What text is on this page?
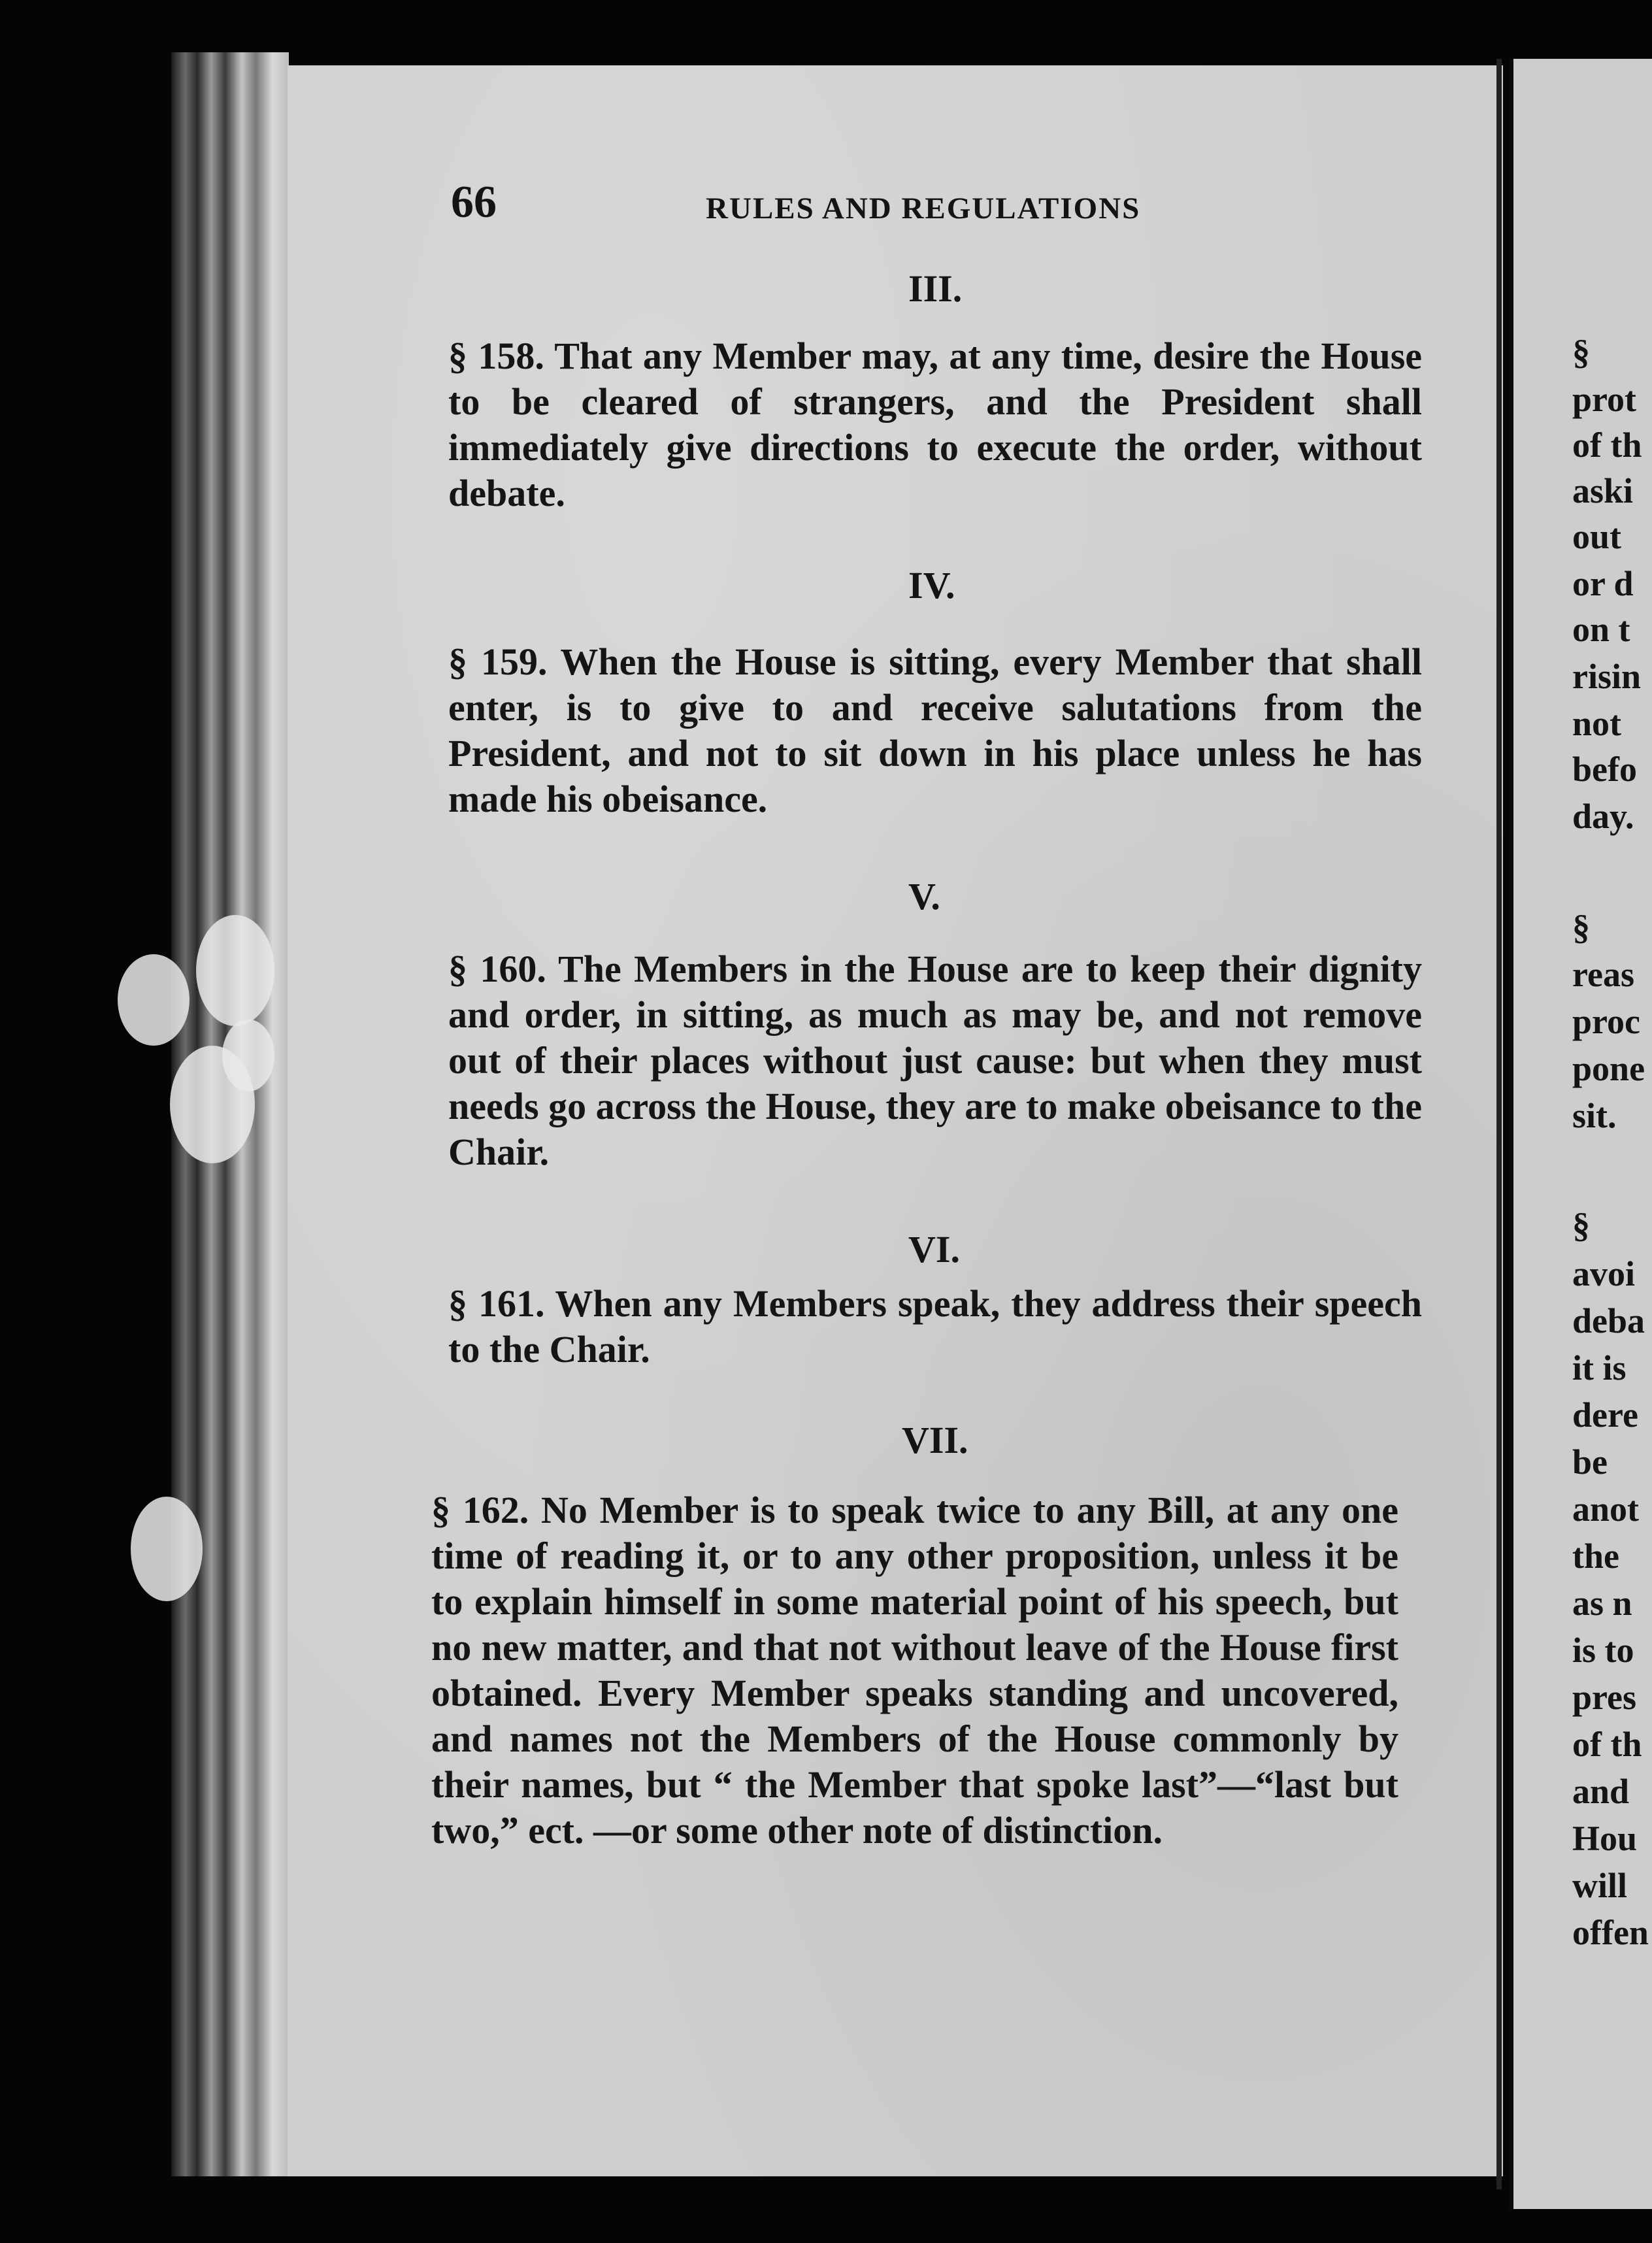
66	RULES AND REGULATIONS
III.

§ 158. That any Member may, at any time, desire the House to be cleared of strangers, and the President shall immediately give directions to execute the order, without debate.

IV.

§ 159. When the House is sitting, every Member that shall enter, is to give to and receive salutations from the President, and not to sit down in his place unless he has made his obeisance.

V.

§ 160. The Members in the House are to keep their dignity and order, in sitting, as much as may be, and not remove out of their places without just cause: but when they must needs go across the House, they are to make obeisance to the Chair.

VI.

§ 161. When any Members speak, they address their speech to the Chair.

VII.

§ 162. No Member is to speak twice to any Bill, at any one time of reading it, or to any other proposition, unless it be to explain himself in some material point of his speech, but no new matter, and that not without leave of the House first obtained. Every Member speaks standing and uncovered, and names not the Members of the House commonly by their names, but “ the Member that spoke last”—“last but two,” ect. —or some other note of distinction.

§
prot
of th
aski
out
or d
on t
risin
not
befo
day.
§
reas
proc
pone
sit.
§
avoi
deba
it is
dere
be
anot
the
as n
is to
pres
of th
and
Hou
will
offen
